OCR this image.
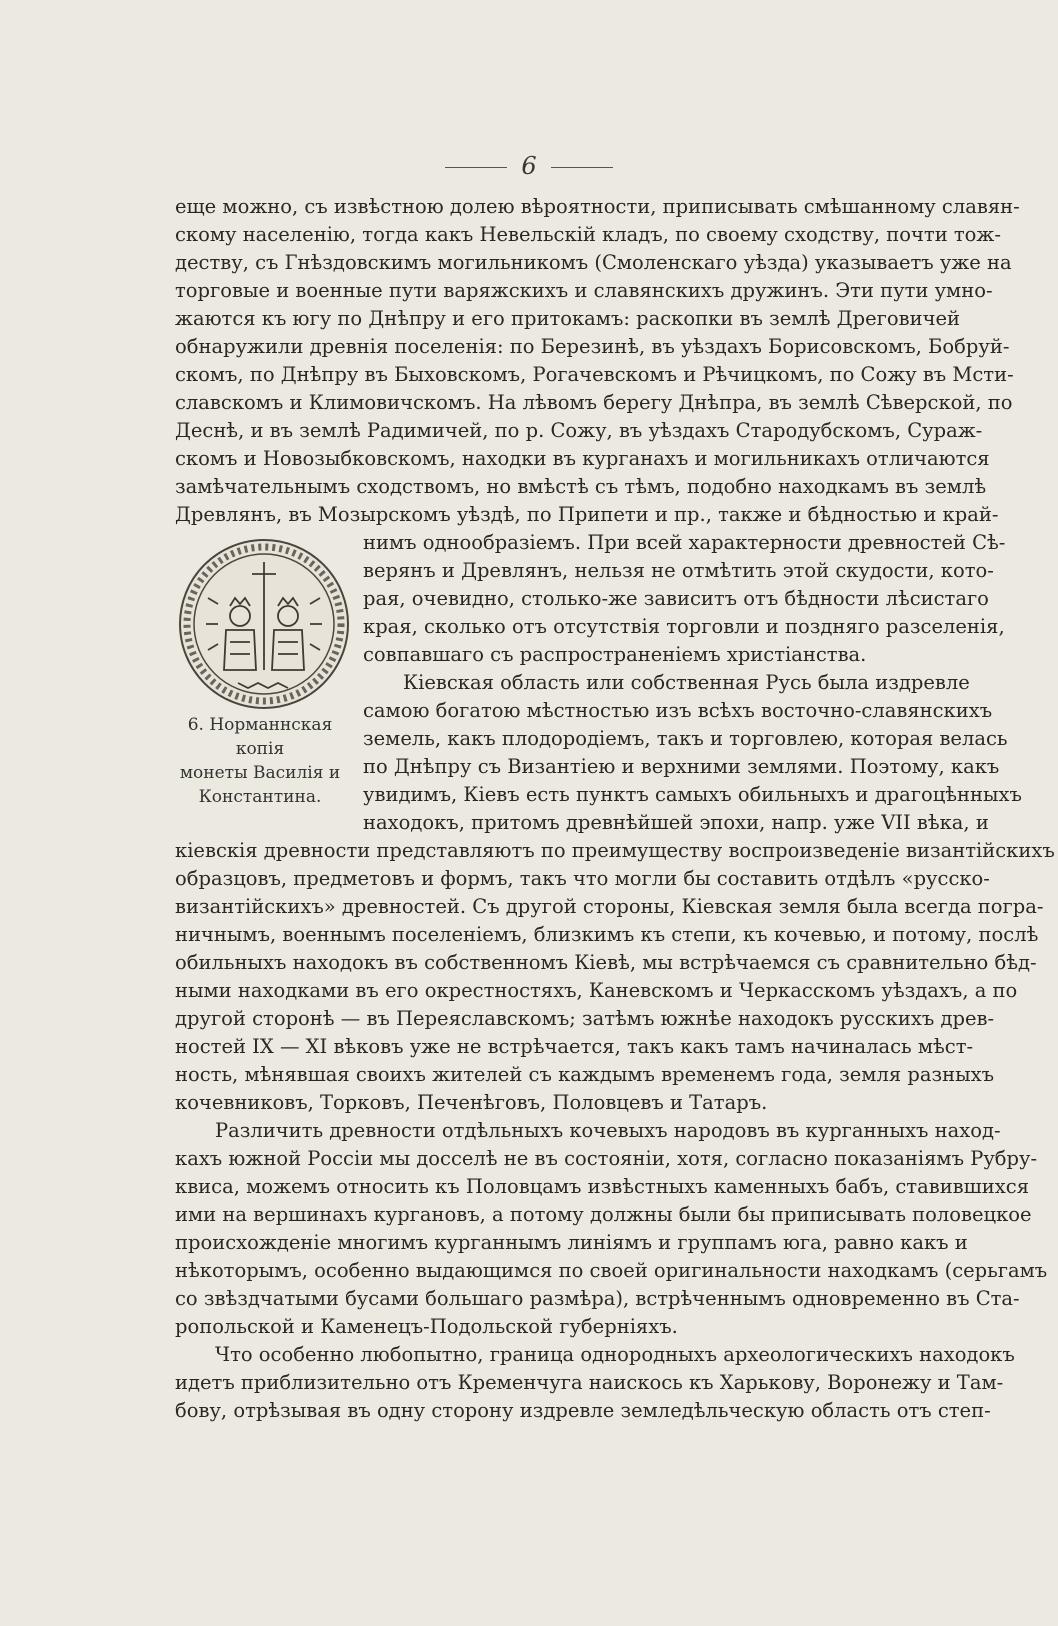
6
еще можно, съ извѣстною долею вѣроятности, приписывать смѣшанному славян-
скому населенію, тогда какъ Невельскій кладъ, по своему сходству, почти тож-
деству, съ Гнѣздовскимъ могильникомъ (Смоленскаго уѣзда) указываетъ уже на
торговые и военные пути варяжскихъ и славянскихъ дружинъ. Эти пути умно-
жаются къ югу по Днѣпру и его притокамъ: раскопки въ землѣ Дреговичей
обнаружили древнія поселенія: по Березинѣ, въ уѣздахъ Борисовскомъ, Бобруй-
скомъ, по Днѣпру въ Быховскомъ, Рогачевскомъ и Рѣчицкомъ, по Сожу въ Мсти-
славскомъ и Климовичскомъ. На лѣвомъ берегу Днѣпра, въ землѣ Сѣверской, по
Деснѣ, и въ землѣ Радимичей, по р. Сожу, въ уѣздахъ Стародубскомъ, Сураж-
скомъ и Новозыбковскомъ, находки въ курганахъ и могильникахъ отличаются
замѣчательнымъ сходствомъ, но вмѣстѣ съ тѣмъ, подобно находкамъ въ землѣ
Древлянъ, въ Мозырскомъ уѣздѣ, по Припети и пр., также и бѣдностью и край-
нимъ однообразіемъ. При всей характерности древностей Сѣ-
верянъ и Древлянъ, нельзя не отмѣтить этой скудости, кото-
рая, очевидно, столько-же зависитъ отъ бѣдности лѣсистаго
края, сколько отъ отсутствія торговли и поздняго разселенія,
совпавшаго съ распространеніемъ христіанства.
Кіевская область или собственная Русь была издревле
самою богатою мѣстностью изъ всѣхъ восточно-славянскихъ
земель, какъ плодородіемъ, такъ и торговлею, которая велась
по Днѣпру съ Византіею и верхними землями. Поэтому, какъ
увидимъ, Кіевъ есть пунктъ самыхъ обильныхъ и драгоцѣнныхъ
находокъ, притомъ древнѣйшей эпохи, напр. уже VII вѣка, и
кіевскія древности представляютъ по преимуществу воспроизведеніе византійскихъ
образцовъ, предметовъ и формъ, такъ что могли бы составить отдѣлъ «русско-
византійскихъ» древностей. Съ другой стороны, Кіевская земля была всегда погра-
ничнымъ, военнымъ поселеніемъ, близкимъ къ степи, къ кочевью, и потому, послѣ
обильныхъ находокъ въ собственномъ Кіевѣ, мы встрѣчаемся съ сравнительно бѣд-
ными находками въ его окрестностяхъ, Каневскомъ и Черкасскомъ уѣздахъ, а по
другой сторонѣ — въ Переяславскомъ; затѣмъ южнѣе находокъ русскихъ древ-
ностей IX — XI вѣковъ уже не встрѣчается, такъ какъ тамъ начиналась мѣст-
ность, мѣнявшая своихъ жителей съ каждымъ временемъ года, земля разныхъ
кочевниковъ, Торковъ, Печенѣговъ, Половцевъ и Татаръ.
Различить древности отдѣльныхъ кочевыхъ народовъ въ курганныхъ наход-
кахъ южной Россіи мы досселѣ не въ состояніи, хотя, согласно показаніямъ Рубру-
квиса, можемъ относить къ Половцамъ извѣстныхъ каменныхъ бабъ, ставившихся
ими на вершинахъ кургановъ, а потому должны были бы приписывать половецкое
происхожденіе многимъ курганнымъ линіямъ и группамъ юга, равно какъ и
нѣкоторымъ, особенно выдающимся по своей оригинальности находкамъ (серьгамъ
со звѣздчатыми бусами большаго размѣра), встрѣченнымъ одновременно въ Ста-
ропольской и Каменецъ-Подольской губерніяхъ.
Что особенно любопытно, граница однородныхъ археологическихъ находокъ
идетъ приблизительно отъ Кременчуга наискось къ Харькову, Воронежу и Там-
бову, отрѣзывая въ одну сторону издревле земледѣльческую область отъ степ-
6. Норманнская копія
монеты Василія и
Константина.
